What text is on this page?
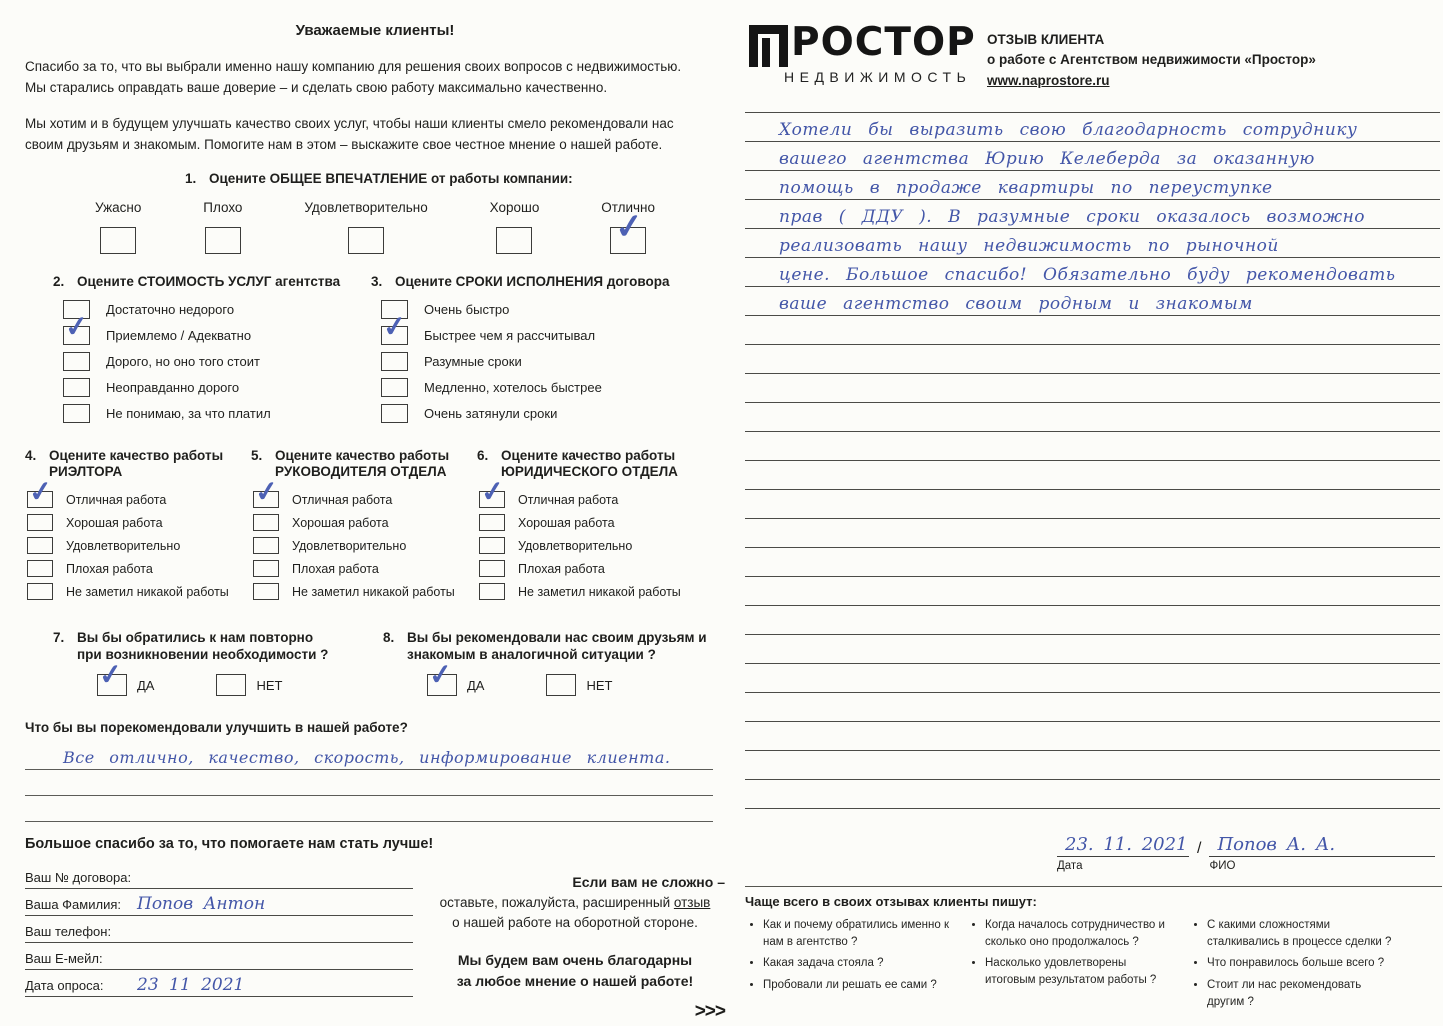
Уважаемые клиенты!

Спасибо за то, что вы выбрали именно нашу компанию для решения своих вопросов с недвижимостью. Мы старались оправдать ваше доверие – и сделать свою работу максимально качественно.

Мы хотим и в будущем улучшать качество своих услуг, чтобы наши клиенты смело рекомендовали нас своим друзьям и знакомым. Помогите нам в этом – выскажите свое честное мнение о нашей работе.

1. Оцените ОБЩЕЕ ВПЕЧАТЛЕНИЕ от работы компании:
Ужасно	Плохо	Удовлетворительно	Хорошо	Отлично
✓
2. Оцените СТОИМОСТЬ УСЛУГ агентства
Достаточно недорого
✓
Приемлемо / Адекватно
Дорого, но оно того стоит
Неоправданно дорого
Не понимаю, за что платил
3. Оцените СРОКИ ИСПОЛНЕНИЯ договора
Очень быстро
✓
Быстрее чем я рассчитывал
Разумные сроки
Медленно, хотелось быстрее
Очень затянули сроки
4. Оцените качество работы
РИЭЛТОРА
✓
Отличная работа
Хорошая работа
Удовлетворительно
Плохая работа
Не заметил никакой работы
5. Оцените качество работы
РУКОВОДИТЕЛЯ ОТДЕЛА
✓
Отличная работа
Хорошая работа
Удовлетворительно
Плохая работа
Не заметил никакой работы
6. Оцените качество работы
ЮРИДИЧЕСКОГО ОТДЕЛА
✓
Отличная работа
Хорошая работа
Удовлетворительно
Плохая работа
Не заметил никакой работы
7. Вы бы обратились к нам повторно
при возникновении необходимости ?
✓
ДА	НЕТ
8. Вы бы рекомендовали нас своим друзьям и
знакомым в аналогичной ситуации ?
✓
ДА	НЕТ
Что бы вы порекомендовали улучшить в нашей работе?
Все отлично, качество, скорость, информирование клиента.
Большое спасибо за то, что помогаете нам стать лучше!
Ваш № договора:
Ваша Фамилия: Попов Антон
Ваш телефон:
Ваш Е-мейл:
Дата опроса: 23 11 2021
Если вам не сложно –
оставьте, пожалуйста, расширенный отзыв
о нашей работе на оборотной стороне.
Мы будем вам очень благодарны
за любое мнение о нашей работе!
>>>
РОСТОР
НЕДВИЖИМОСТЬ
ОТЗЫВ КЛИЕНТА
о работе с Агентством недвижимости «Простор»
www.naprostore.ru
Хотели бы выразить свою благодарность сотруднику
вашего агентства Юрию Келеберда за оказанную
помощь в продаже квартиры по переуступке
прав ( ДДУ ). В разумные сроки оказалось возможно
реализовать нашу недвижимость по рыночной
цене. Большое спасибо! Обязательно буду рекомендовать
ваше агентство своим родным и знакомым
23. 11. 2021
Дата
/ Попов А. А.
ФИО
Чаще всего в своих отзывах клиенты пишут:
• Как и почему обратились именно к нам в агентство ?
• Какая задача стояла ?
• Пробовали ли решать ее сами ?
• Когда началось сотрудничество и сколько оно продолжалось ?
• Насколько удовлетворены итоговым результатом работы ?
• С какими сложностями сталкивались в процессе сделки ?
• Что понравилось больше всего ?
• Стоит ли нас рекомендовать другим ?
